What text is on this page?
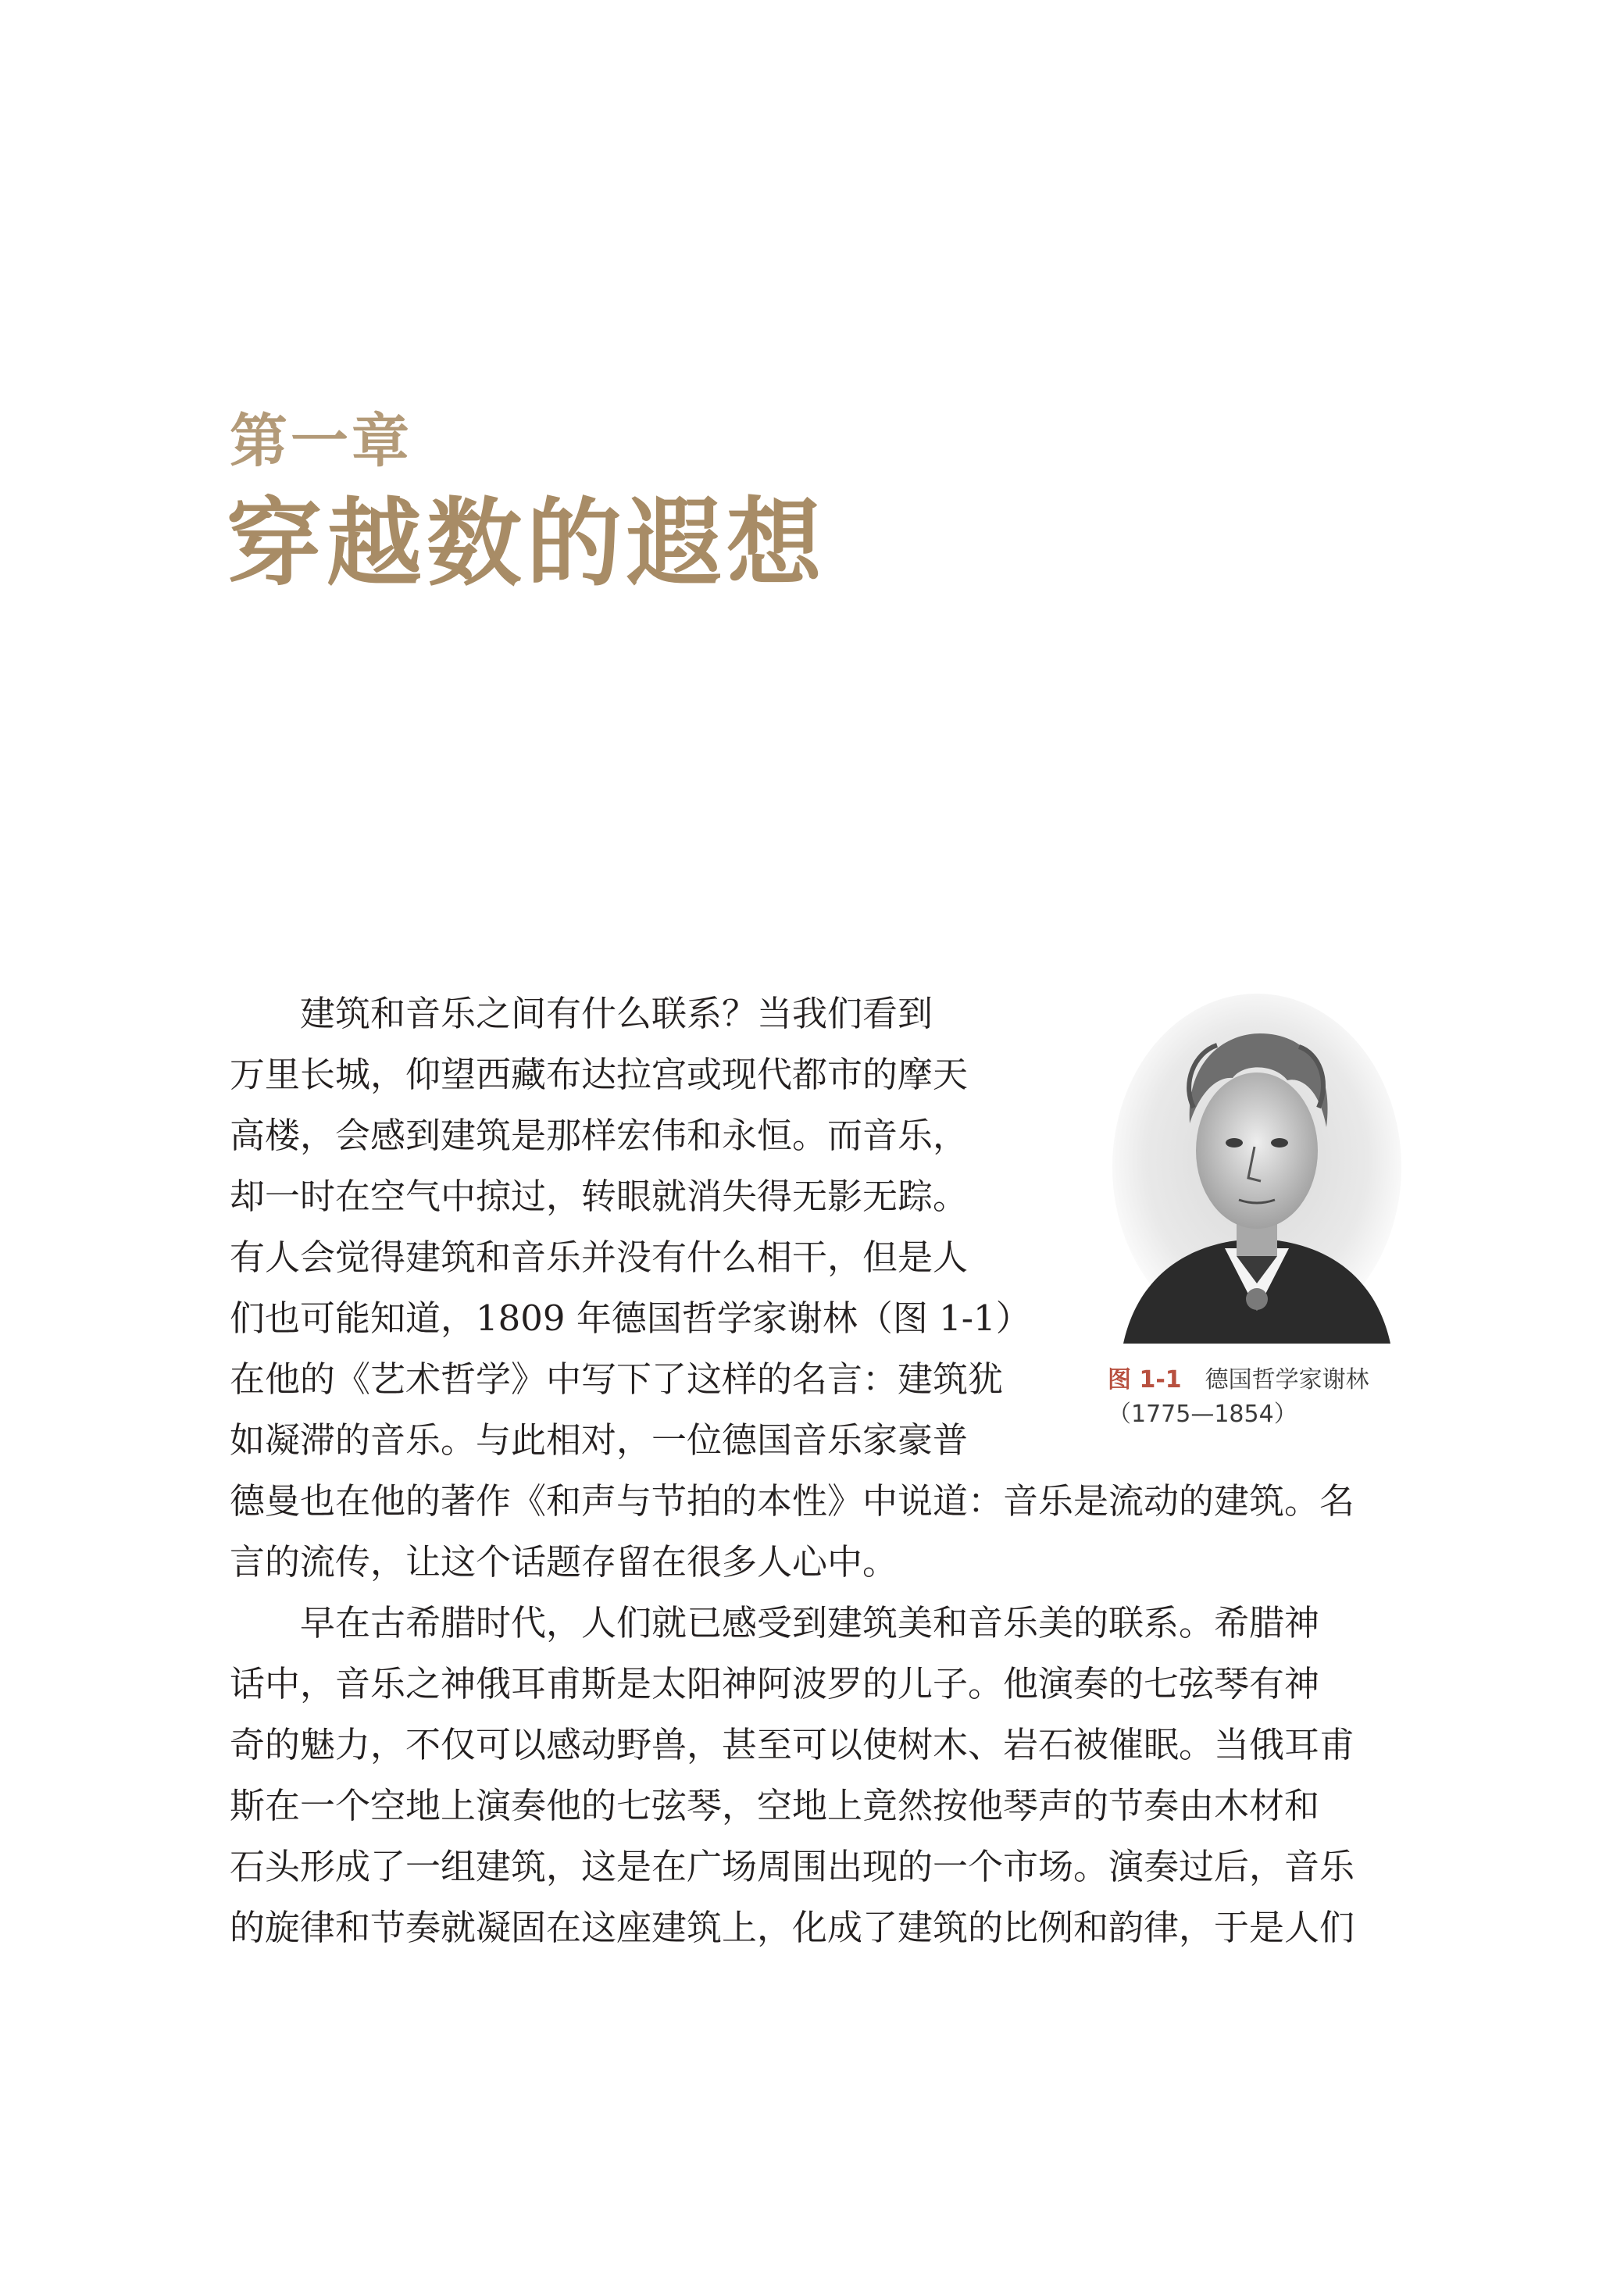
第一章
穿越数的遐想
　　建筑和音乐之间有什么联系？当我们看到
万里长城，仰望西藏布达拉宫或现代都市的摩天
高楼，会感到建筑是那样宏伟和永恒。而音乐，
却一时在空气中掠过，转眼就消失得无影无踪。
有人会觉得建筑和音乐并没有什么相干，但是人
们也可能知道，1809 年德国哲学家谢林（图 1-1）
在他的《艺术哲学》中写下了这样的名言：建筑犹
如凝滞的音乐。与此相对，一位德国音乐家豪普
德曼也在他的著作《和声与节拍的本性》中说道：音乐是流动的建筑。名
言的流传，让这个话题存留在很多人心中。
　　早在古希腊时代，人们就已感受到建筑美和音乐美的联系。希腊神
话中，音乐之神俄耳甫斯是太阳神阿波罗的儿子。他演奏的七弦琴有神
奇的魅力，不仅可以感动野兽，甚至可以使树木、岩石被催眠。当俄耳甫
斯在一个空地上演奏他的七弦琴，空地上竟然按他琴声的节奏由木材和
石头形成了一组建筑，这是在广场周围出现的一个市场。演奏过后，音乐
的旋律和节奏就凝固在这座建筑上，化成了建筑的比例和韵律，于是人们
图 1-1 德国哲学家谢林
（1775—1854）
